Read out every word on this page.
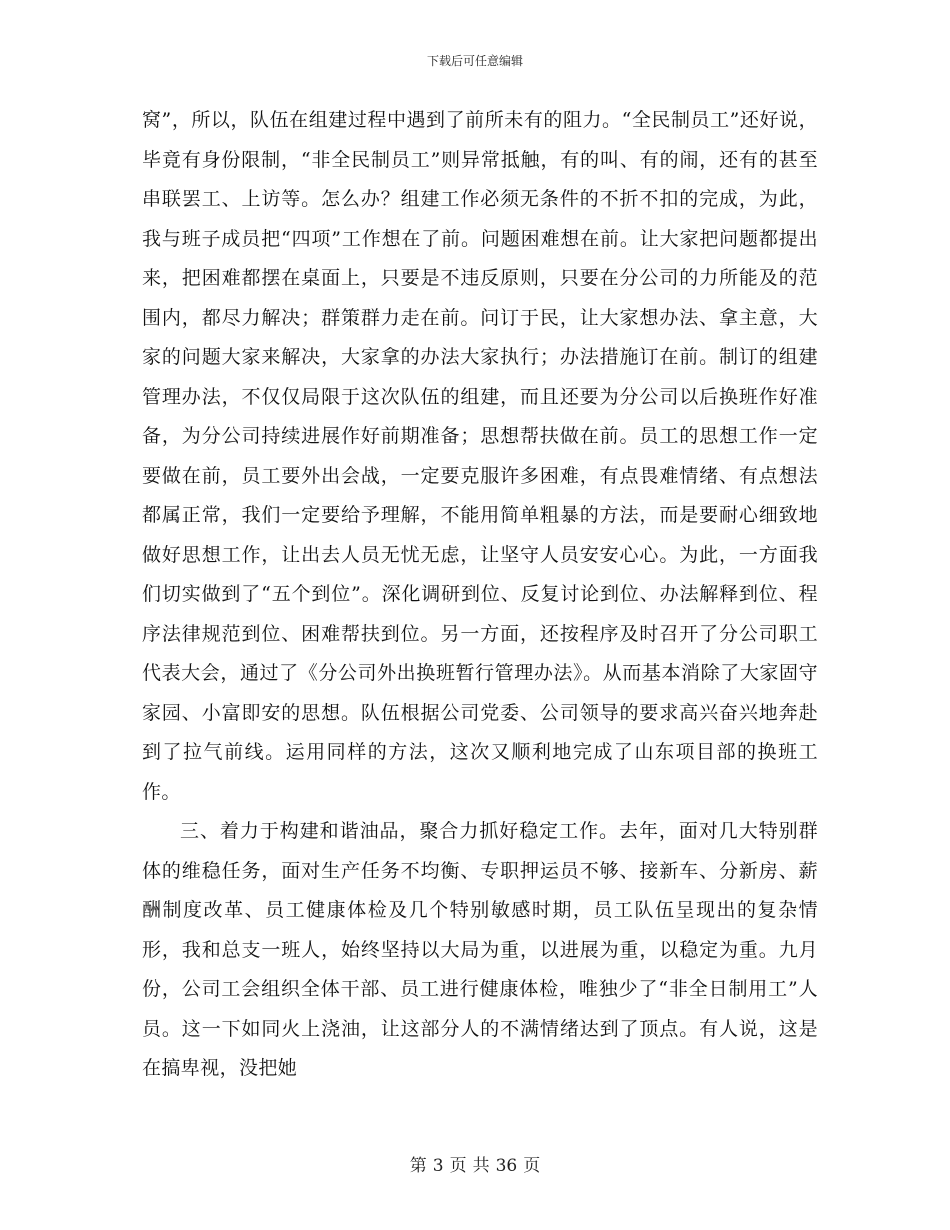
下载后可任意编辑

窝”，所以，队伍在组建过程中遇到了前所未有的阻力。“全民制员工”还好说，毕竟有身份限制，“非全民制员工”则异常抵触，有的叫、有的闹，还有的甚至串联罢工、上访等。怎么办？组建工作必须无条件的不折不扣的完成，为此，我与班子成员把“四项”工作想在了前。问题困难想在前。让大家把问题都提出来，把困难都摆在桌面上，只要是不违反原则，只要在分公司的力所能及的范围内，都尽力解决；群策群力走在前。问订于民，让大家想办法、拿主意，大家的问题大家来解决，大家拿的办法大家执行；办法措施订在前。制订的组建管理办法，不仅仅局限于这次队伍的组建，而且还要为分公司以后换班作好准备，为分公司持续进展作好前期准备；思想帮扶做在前。员工的思想工作一定要做在前，员工要外出会战，一定要克服许多困难，有点畏难情绪、有点想法都属正常，我们一定要给予理解，不能用简单粗暴的方法，而是要耐心细致地做好思想工作，让出去人员无忧无虑，让坚守人员安安心心。为此，一方面我们切实做到了“五个到位”。深化调研到位、反复讨论到位、办法解释到位、程序法律规范到位、困难帮扶到位。另一方面，还按程序及时召开了分公司职工代表大会，通过了《分公司外出换班暂行管理办法》。从而基本消除了大家固守家园、小富即安的思想。队伍根据公司党委、公司领导的要求高兴奋兴地奔赴到了拉气前线。运用同样的方法，这次又顺利地完成了山东项目部的换班工作。

三、着力于构建和谐油品，聚合力抓好稳定工作。去年，面对几大特别群体的维稳任务，面对生产任务不均衡、专职押运员不够、接新车、分新房、薪酬制度改革、员工健康体检及几个特别敏感时期，员工队伍呈现出的复杂情形，我和总支一班人，始终坚持以大局为重，以进展为重，以稳定为重。九月份，公司工会组织全体干部、员工进行健康体检，唯独少了“非全日制用工”人员。这一下如同火上浇油，让这部分人的不满情绪达到了顶点。有人说，这是在搞卑视，没把她

第 3 页 共 36 页
